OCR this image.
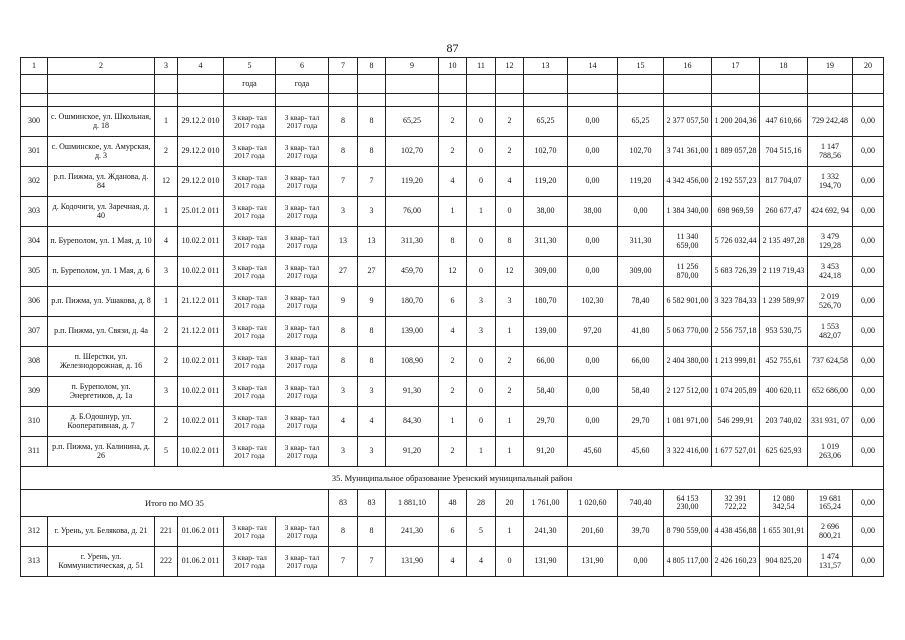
87
1	2	3	4	5	6	7	8	9	10	11	12	13	14	15	16	17	18	19	20
				года	года														

300	с. Ошминское, ул. Школьная, д. 18	1	29.12.2 010	3 квар- тал 2017 года	3 квар- тал 2017 года	8	8	65,25	2	0	2	65,25	0,00	65,25	2 377 057,50	1 200 204,36	447 610,66	729 242,48	0,00
301	с. Ошминское, ул. Амурская, д. 3	2	29.12.2 010	3 квар- тал 2017 года	3 квар- тал 2017 года	8	8	102,70	2	0	2	102,70	0,00	102,70	3 741 361,00	1 889 057,28	704 515,16	1 147 788,56	0,00
302	р.п. Пижма, ул. Жданова, д. 84	12	29.12.2 010	3 квар- тал 2017 года	3 квар- тал 2017 года	7	7	119,20	4	0	4	119,20	0,00	119,20	4 342 456,00	2 192 557,23	817 704,07	1 332 194,70	0,00
303	д. Кодочиги, ул. Заречная, д. 40	1	25.01.2 011	3 квар- тал 2017 года	3 квар- тал 2017 года	3	3	76,00	1	1	0	38,00	38,00	0,00	1 384 340,00	698 969,59	260 677,47	424 692, 94	0,00
304	п. Буреполом, ул. 1 Мая, д. 10	4	10.02.2 011	3 квар- тал 2017 года	3 квар- тал 2017 года	13	13	311,30	8	0	8	311,30	0,00	311,30	11 340 659,00	5 726 032,44	2 135 497,28	3 479 129,28	0,00
305	п. Буреполом, ул. 1 Мая, д. 6	3	10.02.2 011	3 квар- тал 2017 года	3 квар- тал 2017 года	27	27	459,70	12	0	12	309,00	0,00	309,00	11 256 870,00	5 683 726,39	2 119 719,43	3 453 424,18	0,00
306	р.п. Пижма, ул. Ушакова, д. 8	1	21.12.2 011	3 квар- тал 2017 года	3 квар- тал 2017 года	9	9	180,70	6	3	3	180,70	102,30	78,40	6 582 901,00	3 323 784,33	1 239 589,97	2 019 526,70	0,00
307	р.п. Пижма, ул. Связи, д. 4а	2	21.12.2 011	3 квар- тал 2017 года	3 квар- тал 2017 года	8	8	139,00	4	3	1	139,00	97,20	41,80	5 063 770,00	2 556 757,18	953 530,75	1 553 482,07	0,00
308	п. Шерстки, ул. Железнодорожная, д. 16	2	10.02.2 011	3 квар- тал 2017 года	3 квар- тал 2017 года	8	8	108,90	2	0	2	66,00	0,00	66,00	2 404 380,00	1 213 999,81	452 755,61	737 624,58	0,00
309	п. Буреполом, ул. Энергетиков, д. 1а	3	10.02.2 011	3 квар- тал 2017 года	3 квар- тал 2017 года	3	3	91,30	2	0	2	58,40	0,00	58,40	2 127 512,00	1 074 205,89	400 620,11	652 686,00	0,00
310	д. Б.Одошнур, ул. Кооперативная, д. 7	2	10.02.2 011	3 квар- тал 2017 года	3 квар- тал 2017 года	4	4	84,30	1	0	1	29,70	0,00	29,70	1 081 971,00	546 299,91	203 740,02	331 931, 07	0,00
311	р.п. Пижма, ул. Калинина, д. 26	5	10.02.2 011	3 квар- тал 2017 года	3 квар- тал 2017 года	3	3	91,20	2	1	1	91,20	45,60	45,60	3 322 416,00	1 677 527,01	625 625,93	1 019 263,06	0,00
35. Муниципальное образование Уренский муниципальный район																			
Итого по МО 35						83	83	1 881,10	48	28	20	1 761,00	1 020,60	740,40	64 153 230,00	32 391 722,22	12 080 342,54	19 681 165,24	0,00
312	г. Урень, ул. Белякова, д. 21	221	01.06.2 011	3 квар- тал 2017 года	3 квар- тал 2017 года	8	8	241,30	6	5	1	241,30	201,60	39,70	8 790 559,00	4 438 456,88	1 655 301,91	2 696 800,21	0,00
313	г. Урень, ул. Коммунистическая, д. 51	222	01.06.2 011	3 квар- тал 2017 года	3 квар- тал 2017 года	7	7	131,90	4	4	0	131,90	131,90	0,00	4 805 117,00	2 426 160,23	904 825,20	1 474 131,57	0,00
